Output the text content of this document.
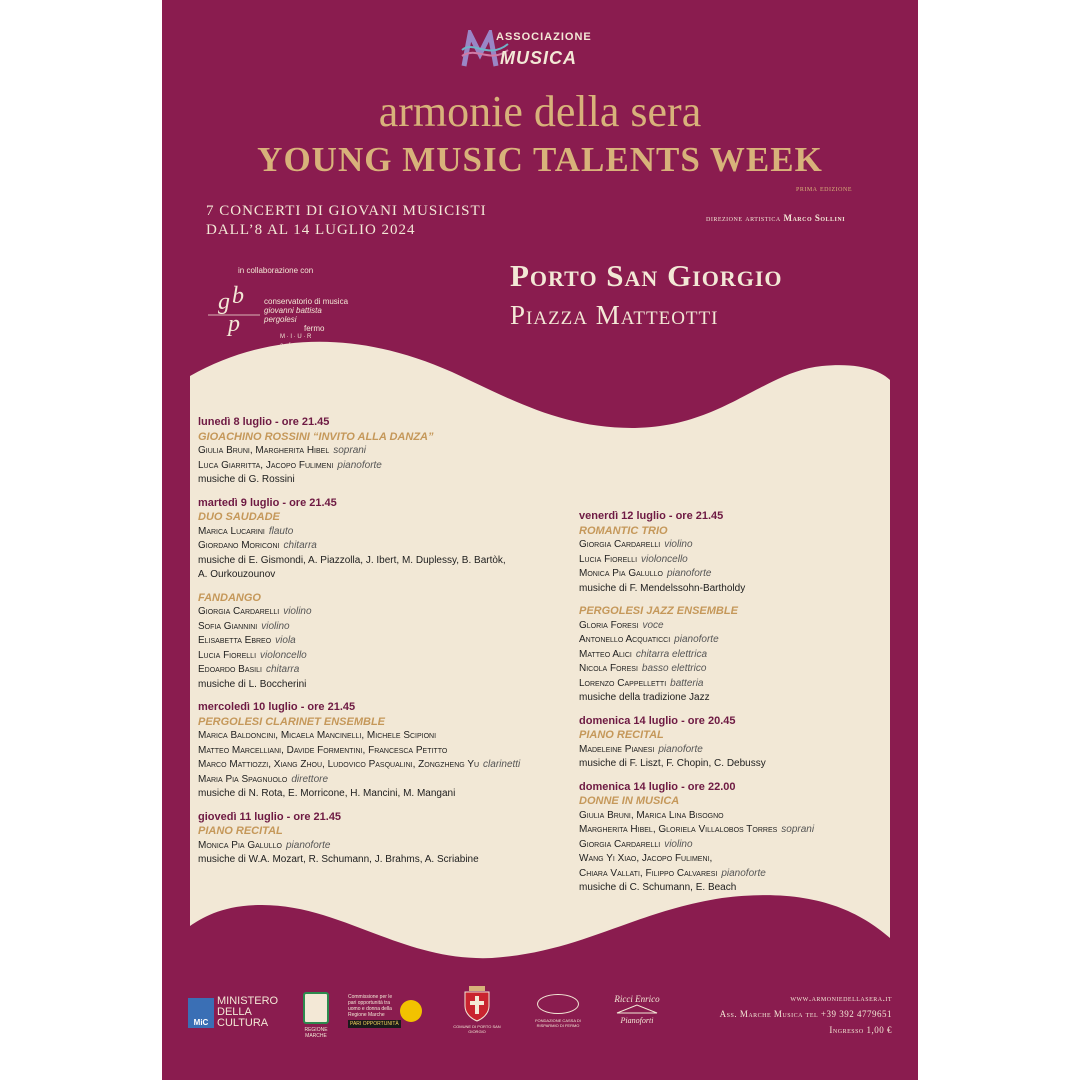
ASSOCIAZIONE
MUSICA
armonie della sera
YOUNG MUSIC TALENTS WEEK
prima edizione
7 CONCERTI DI GIOVANI MUSICISTI
DALL’8 AL 14 LUGLIO 2024
direzione artistica Marco Sollini
in collaborazione con
g b
p
conservatorio di musica
giovanni battista pergolesi
fermo
M · I · U · R
a · f · a · m
Porto San Giorgio
Piazza Matteotti
lunedì 8 luglio - ore 21.45
GIOACHINO ROSSINI “INVITO ALLA DANZA”
Giulia Bruni, Margherita Hibel soprani
Luca Giarritta, Jacopo Fulimeni pianoforte
musiche di G. Rossini
martedì 9 luglio - ore 21.45
DUO SAUDADE
Marica Lucarini flauto
Giordano Moriconi chitarra
musiche di E. Gismondi, A. Piazzolla, J. Ibert, M. Duplessy, B. Bartòk,
A. Ourkouzounov
FANDANGO
Giorgia Cardarelli violino
Sofia Giannini violino
Elisabetta Ebreo viola
Lucia Fiorelli violoncello
Edoardo Basili chitarra
musiche di L. Boccherini
mercoledì 10 luglio - ore 21.45
PERGOLESI CLARINET ENSEMBLE
Marica Baldoncini, Micaela Mancinelli, Michele Scipioni
Matteo Marcelliani, Davide Formentini, Francesca Petitto
Marco Mattiozzi, Xiang Zhou, Ludovico Pasqualini, Zongzheng Yu clarinetti
Maria Pia Spagnuolo direttore
musiche di N. Rota, E. Morricone, H. Mancini, M. Mangani
giovedì 11 luglio - ore 21.45
PIANO RECITAL
Monica Pia Galullo pianoforte
musiche di W.A. Mozart, R. Schumann, J. Brahms, A. Scriabine
venerdì 12 luglio - ore 21.45
ROMANTIC TRIO
Giorgia Cardarelli violino
Lucia Fiorelli violoncello
Monica Pia Galullo pianoforte
musiche di F. Mendelssohn-Bartholdy
PERGOLESI JAZZ ENSEMBLE
Gloria Foresi voce
Antonello Acquaticci pianoforte
Matteo Alici chitarra elettrica
Nicola Foresi basso elettrico
Lorenzo Cappelletti batteria
musiche della tradizione Jazz
domenica 14 luglio - ore 20.45
PIANO RECITAL
Madeleine Pianesi pianoforte
musiche di F. Liszt, F. Chopin, C. Debussy
domenica 14 luglio - ore 22.00
DONNE IN MUSICA
Giulia Bruni, Marica Lina Bisogno
Margherita Hibel, Gloriela Villalobos Torres soprani
Giorgia Cardarelli violino
Wang Yi Xiao, Jacopo Fulimeni,
Chiara Vallati, Filippo Calvaresi pianoforte
musiche di C. Schumann, E. Beach
MiC
MINISTERO
DELLA
CULTURA
REGIONE MARCHE
Commissione per le pari opportunità tra uomo e donna della Regione Marche
PARI OPPORTUNITÀ	COMUNE DI PORTO SAN GIORGIO
FONDAZIONE CASSA DI RISPARMIO DI FERMO
Ricci Enrico
Pianoforti
www.armoniedellasera.it
Ass. Marche Musica tel +39 392 4779651
Ingresso 1,00 €
